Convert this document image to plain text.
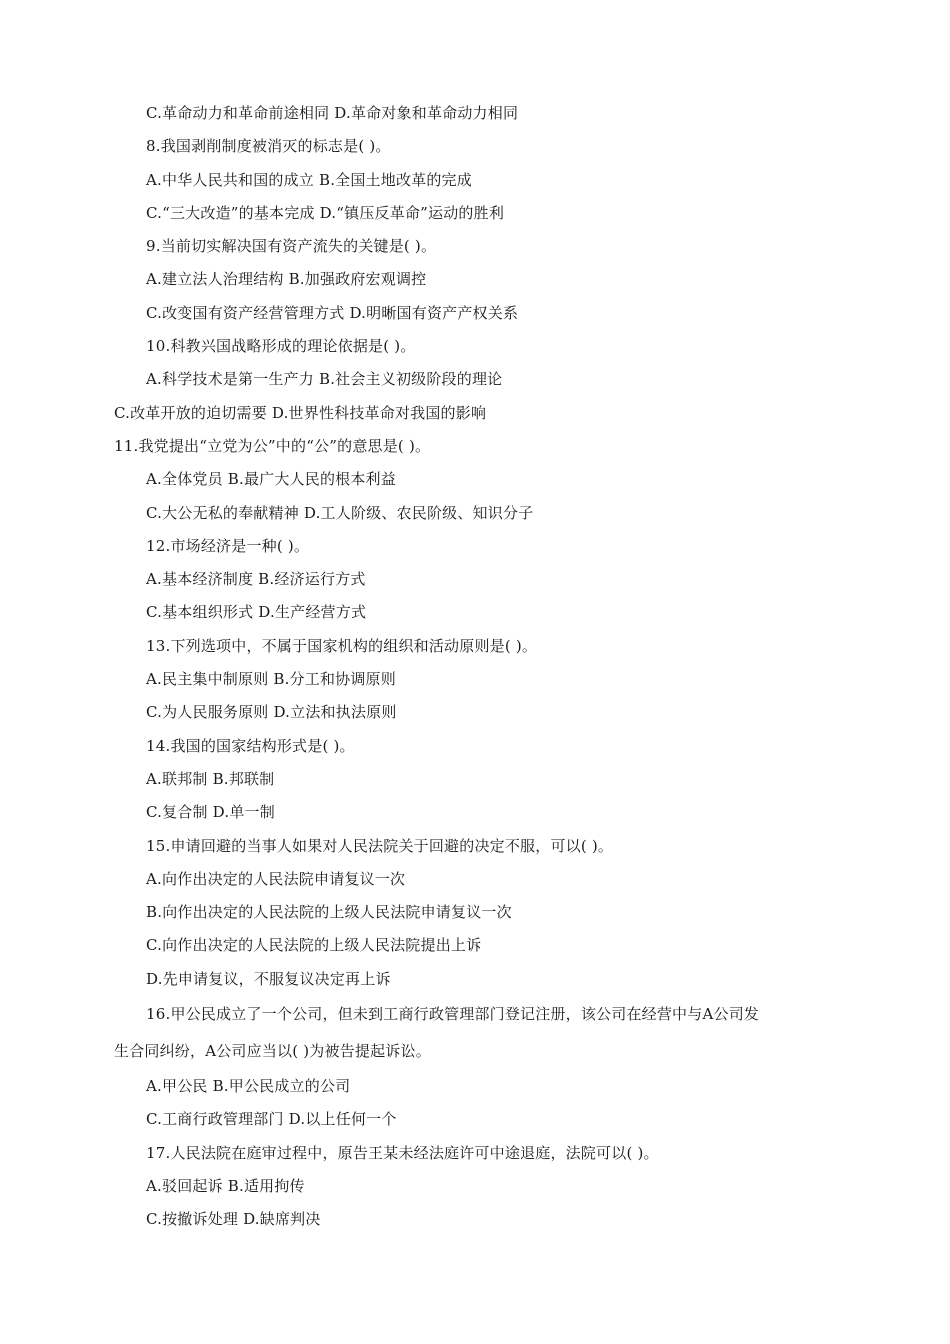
C.革命动力和革命前途相同 D.革命对象和革命动力相同
8.我国剥削制度被消灭的标志是( )。
A.中华人民共和国的成立 B.全国土地改革的完成
C.“三大改造”的基本完成 D.“镇压反革命”运动的胜利
9.当前切实解决国有资产流失的关键是( )。
A.建立法人治理结构 B.加强政府宏观调控
C.改变国有资产经营管理方式 D.明晰国有资产产权关系
10.科教兴国战略形成的理论依据是( )。
A.科学技术是第一生产力 B.社会主义初级阶段的理论
C.改革开放的迫切需要 D.世界性科技革命对我国的影响
11.我党提出“立党为公”中的“公”的意思是( )。
A.全体党员 B.最广大人民的根本利益
C.大公无私的奉献精神 D.工人阶级、农民阶级、知识分子
12.市场经济是一种( )。
A.基本经济制度 B.经济运行方式
C.基本组织形式 D.生产经营方式
13.下列选项中，不属于国家机构的组织和活动原则是( )。
A.民主集中制原则 B.分工和协调原则
C.为人民服务原则 D.立法和执法原则
14.我国的国家结构形式是( )。
A.联邦制 B.邦联制
C.复合制 D.单一制
15.申请回避的当事人如果对人民法院关于回避的决定不服，可以( )。
A.向作出决定的人民法院申请复议一次
B.向作出决定的人民法院的上级人民法院申请复议一次
C.向作出决定的人民法院的上级人民法院提出上诉
D.先申请复议，不服复议决定再上诉
16.甲公民成立了一个公司，但未到工商行政管理部门登记注册，该公司在经营中与A公司发
生合同纠纷，A公司应当以( )为被告提起诉讼。
A.甲公民 B.甲公民成立的公司
C.工商行政管理部门 D.以上任何一个
17.人民法院在庭审过程中，原告王某未经法庭许可中途退庭，法院可以( )。
A.驳回起诉 B.适用拘传
C.按撤诉处理 D.缺席判决
